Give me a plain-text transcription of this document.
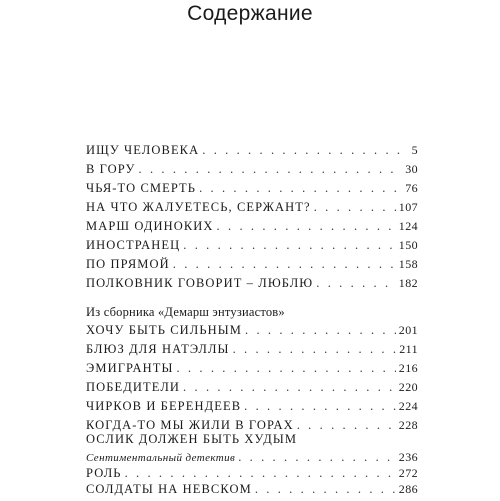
Содержание
ИЩУ ЧЕЛОВЕКА . . .	5
В ГОРУ . . .	30
ЧЬЯ-ТО СМЕРТЬ . . .	76
НА ЧТО ЖАЛУЕТЕСЬ, СЕРЖАНТ? . . .	107
МАРШ ОДИНОКИХ . . .	124
ИНОСТРАНЕЦ . . .	150
ПО ПРЯМОЙ . . .	158
ПОЛКОВНИК ГОВОРИТ – ЛЮБЛЮ . . .	182
Из сборника «Демарш энтузиастов»
ХОЧУ БЫТЬ СИЛЬНЫМ . . .	201
БЛЮЗ ДЛЯ НАТЭЛЛЫ . . .	211
ЭМИГРАНТЫ . . .	216
ПОБЕДИТЕЛИ . . .	220
ЧИРКОВ И БЕРЕНДЕЕВ . . .	224
КОГДА-ТО МЫ ЖИЛИ В ГОРАХ . . .	228
ОСЛИК ДОЛЖЕН БЫТЬ ХУДЫМ
Сентиментальный детектив . . .	236
РОЛЬ . . .	272
СОЛДАТЫ НА НЕВСКОМ . . .	286
